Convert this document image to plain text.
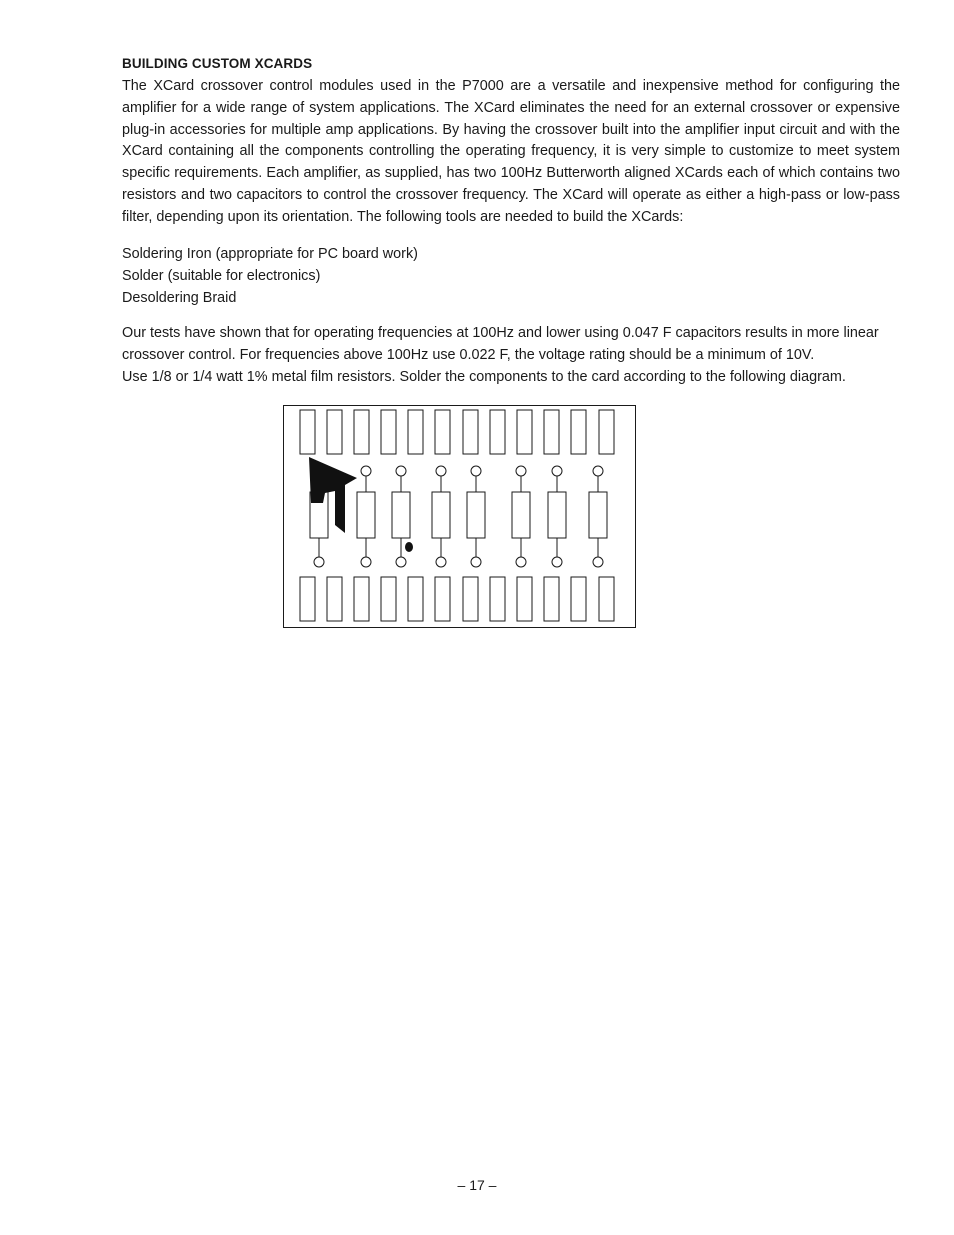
BUILDING CUSTOM XCARDS

The XCard crossover control modules used in the P7000 are a versatile and inexpensive method for configuring the amplifier for a wide range of system applications. The XCard eliminates the need for an external crossover or expensive plug-in accessories for multiple amp applications. By having the crossover built into the amplifier input circuit and with the XCard containing all the components controlling the operating frequency, it is very simple to customize to meet system specific requirements. Each amplifier, as supplied, has two 100Hz Butterworth aligned XCards each of which contains two resistors and two capacitors to control the crossover frequency. The XCard will operate as either a high-pass or low-pass filter, depending upon its orientation. The following tools are needed to build the XCards:

Soldering Iron (appropriate for PC board work)
Solder (suitable for electronics)
Desoldering Braid

Our tests have shown that for operating frequencies at 100Hz and lower using 0.047 F capacitors results in more linear
crossover control. For frequencies above 100Hz use 0.022 F, the voltage rating should be a minimum of 10V.
Use 1/8 or 1/4 watt 1% metal film resistors. Solder the components to the card according to the following diagram.

– 17 –
